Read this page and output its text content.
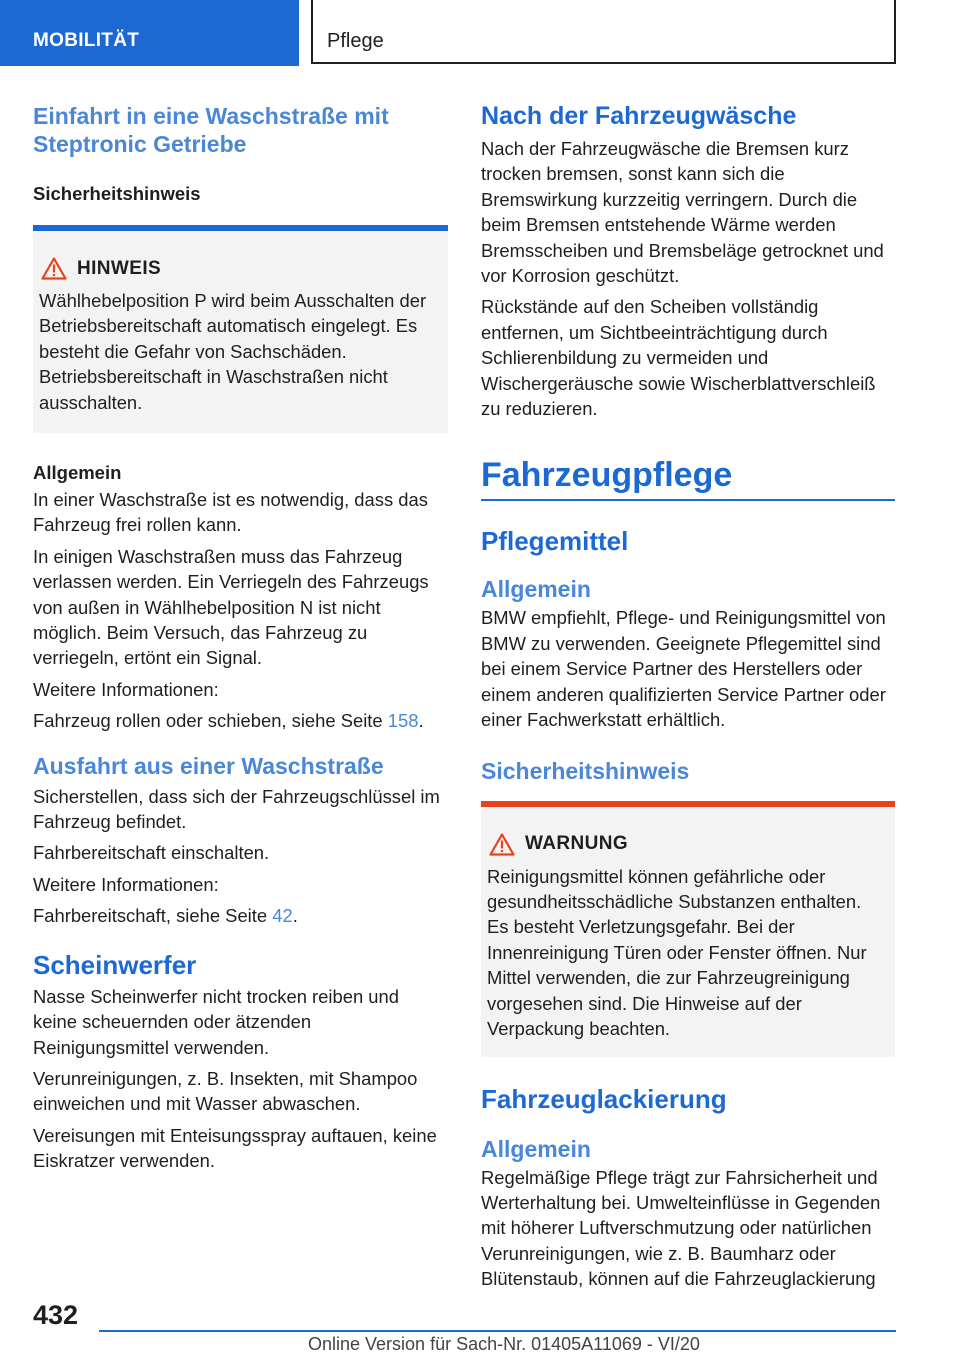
MOBILITÄT	Pflege
Einfahrt in eine Waschstraße mit Steptronic Getriebe
Sicherheitshinweis
HINWEIS

Wählhebelposition P wird beim Ausschalten der Betriebsbereitschaft automatisch eingelegt. Es besteht die Gefahr von Sachschäden. Betriebsbereitschaft in Waschstraßen nicht ausschalten.

Allgemein

In einer Waschstraße ist es notwendig, dass das Fahrzeug frei rollen kann.

In einigen Waschstraßen muss das Fahrzeug verlassen werden. Ein Verriegeln des Fahrzeugs von außen in Wählhebelposition N ist nicht möglich. Beim Versuch, das Fahrzeug zu verriegeln, ertönt ein Signal.

Weitere Informationen:

Fahrzeug rollen oder schieben, siehe Seite 158.

Ausfahrt aus einer Waschstraße

Sicherstellen, dass sich der Fahrzeugschlüssel im Fahrzeug befindet.

Fahrbereitschaft einschalten.

Weitere Informationen:

Fahrbereitschaft, siehe Seite 42.

Scheinwerfer

Nasse Scheinwerfer nicht trocken reiben und keine scheuernden oder ätzenden Reinigungsmittel verwenden.

Verunreinigungen, z. B. Insekten, mit Shampoo einweichen und mit Wasser abwaschen.

Vereisungen mit Enteisungsspray auftauen, keine Eiskratzer verwenden.

Nach der Fahrzeugwäsche

Nach der Fahrzeugwäsche die Bremsen kurz trocken bremsen, sonst kann sich die Bremswirkung kurzzeitig verringern. Durch die beim Bremsen entstehende Wärme werden Bremsscheiben und Bremsbeläge getrocknet und vor Korrosion geschützt.

Rückstände auf den Scheiben vollständig entfernen, um Sichtbeeinträchtigung durch Schlierenbildung zu vermeiden und Wischergeräusche sowie Wischerblattverschleiß zu reduzieren.

Fahrzeugpflege
Pflegemittel
Allgemein

BMW empfiehlt, Pflege- und Reinigungsmittel von BMW zu verwenden. Geeignete Pflegemittel sind bei einem Service Partner des Herstellers oder einem anderen qualifizierten Service Partner oder einer Fachwerkstatt erhältlich.

Sicherheitshinweis
WARNUNG

Reinigungsmittel können gefährliche oder gesundheitsschädliche Substanzen enthalten. Es besteht Verletzungsgefahr. Bei der Innenreinigung Türen oder Fenster öffnen. Nur Mittel verwenden, die zur Fahrzeugreinigung vorgesehen sind. Die Hinweise auf der Verpackung beachten.

Fahrzeuglackierung
Allgemein

Regelmäßige Pflege trägt zur Fahrsicherheit und Werterhaltung bei. Umwelteinflüsse in Gegenden mit höherer Luftverschmutzung oder natürlichen Verunreinigungen, wie z. B. Baumharz oder Blütenstaub, können auf die Fahrzeuglackierung

432
Online Version für Sach-Nr. 01405A11069 - VI/20
